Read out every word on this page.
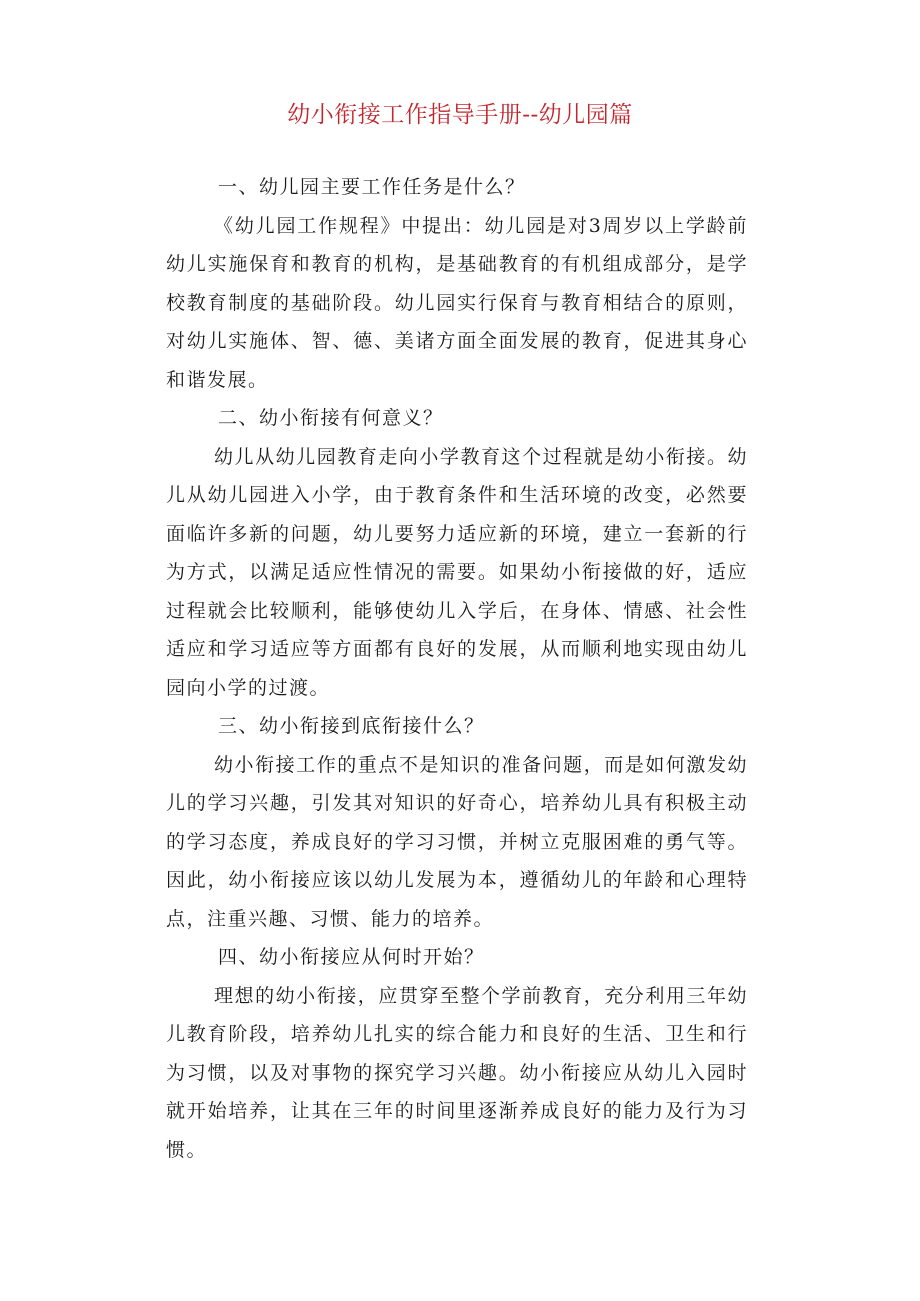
幼小衔接工作指导手册--幼儿园篇

一、幼儿园主要工作任务是什么？

《幼儿园工作规程》中提出：幼儿园是对3周岁以上学龄前幼儿实施保育和教育的机构，是基础教育的有机组成部分，是学校教育制度的基础阶段。幼儿园实行保育与教育相结合的原则，对幼儿实施体、智、德、美诸方面全面发展的教育，促进其身心和谐发展。

二、幼小衔接有何意义？

幼儿从幼儿园教育走向小学教育这个过程就是幼小衔接。幼儿从幼儿园进入小学，由于教育条件和生活环境的改变，必然要面临许多新的问题，幼儿要努力适应新的环境，建立一套新的行为方式，以满足适应性情况的需要。如果幼小衔接做的好，适应过程就会比较顺利，能够使幼儿入学后，在身体、情感、社会性适应和学习适应等方面都有良好的发展，从而顺利地实现由幼儿园向小学的过渡。

三、幼小衔接到底衔接什么？

幼小衔接工作的重点不是知识的准备问题，而是如何激发幼儿的学习兴趣，引发其对知识的好奇心，培养幼儿具有积极主动的学习态度，养成良好的学习习惯，并树立克服困难的勇气等。因此，幼小衔接应该以幼儿发展为本，遵循幼儿的年龄和心理特点，注重兴趣、习惯、能力的培养。

四、幼小衔接应从何时开始？

理想的幼小衔接，应贯穿至整个学前教育，充分利用三年幼儿教育阶段，培养幼儿扎实的综合能力和良好的生活、卫生和行为习惯，以及对事物的探究学习兴趣。幼小衔接应从幼儿入园时就开始培养，让其在三年的时间里逐渐养成良好的能力及行为习惯。
